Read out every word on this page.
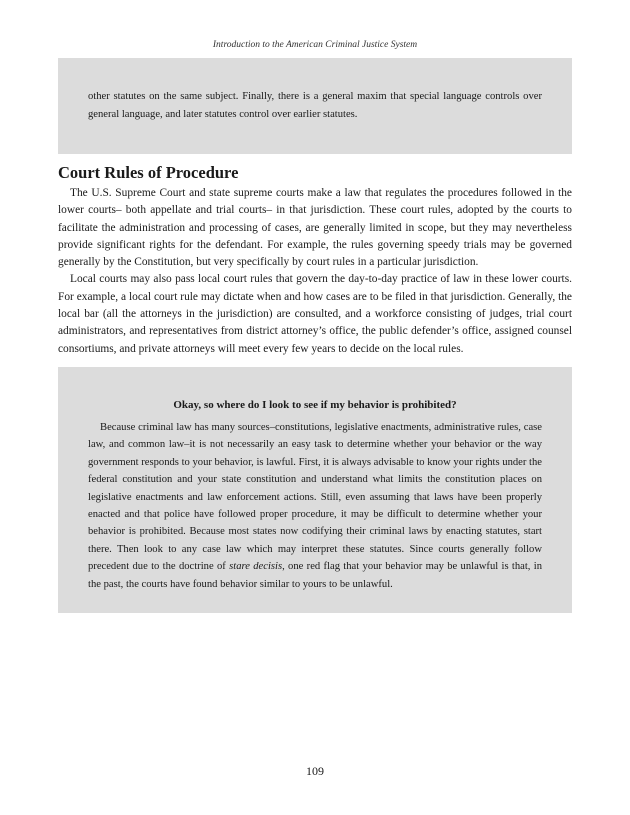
Introduction to the American Criminal Justice System

other statutes on the same subject. Finally, there is a general maxim that special language controls over general language, and later statutes control over earlier statutes.

Court Rules of Procedure

The U.S. Supreme Court and state supreme courts make a law that regulates the procedures followed in the lower courts– both appellate and trial courts– in that jurisdiction. These court rules, adopted by the courts to facilitate the administration and processing of cases, are generally limited in scope, but they may nevertheless provide significant rights for the defendant. For example, the rules governing speedy trials may be governed generally by the Constitution, but very specifically by court rules in a particular jurisdiction.

Local courts may also pass local court rules that govern the day-to-day practice of law in these lower courts. For example, a local court rule may dictate when and how cases are to be filed in that jurisdiction. Generally, the local bar (all the attorneys in the jurisdiction) are consulted, and a workforce consisting of judges, trial court administrators, and representatives from district attorney’s office, the public defender’s office, assigned counsel consortiums, and private attorneys will meet every few years to decide on the local rules.

Okay, so where do I look to see if my behavior is prohibited?

Because criminal law has many sources–constitutions, legislative enactments, administrative rules, case law, and common law–it is not necessarily an easy task to determine whether your behavior or the way government responds to your behavior, is lawful. First, it is always advisable to know your rights under the federal constitution and your state constitution and understand what limits the constitution places on legislative enactments and law enforcement actions. Still, even assuming that laws have been properly enacted and that police have followed proper procedure, it may be difficult to determine whether your behavior is prohibited. Because most states now codifying their criminal laws by enacting statutes, start there. Then look to any case law which may interpret these statutes. Since courts generally follow precedent due to the doctrine of stare decisis, one red flag that your behavior may be unlawful is that, in the past, the courts have found behavior similar to yours to be unlawful.

109
